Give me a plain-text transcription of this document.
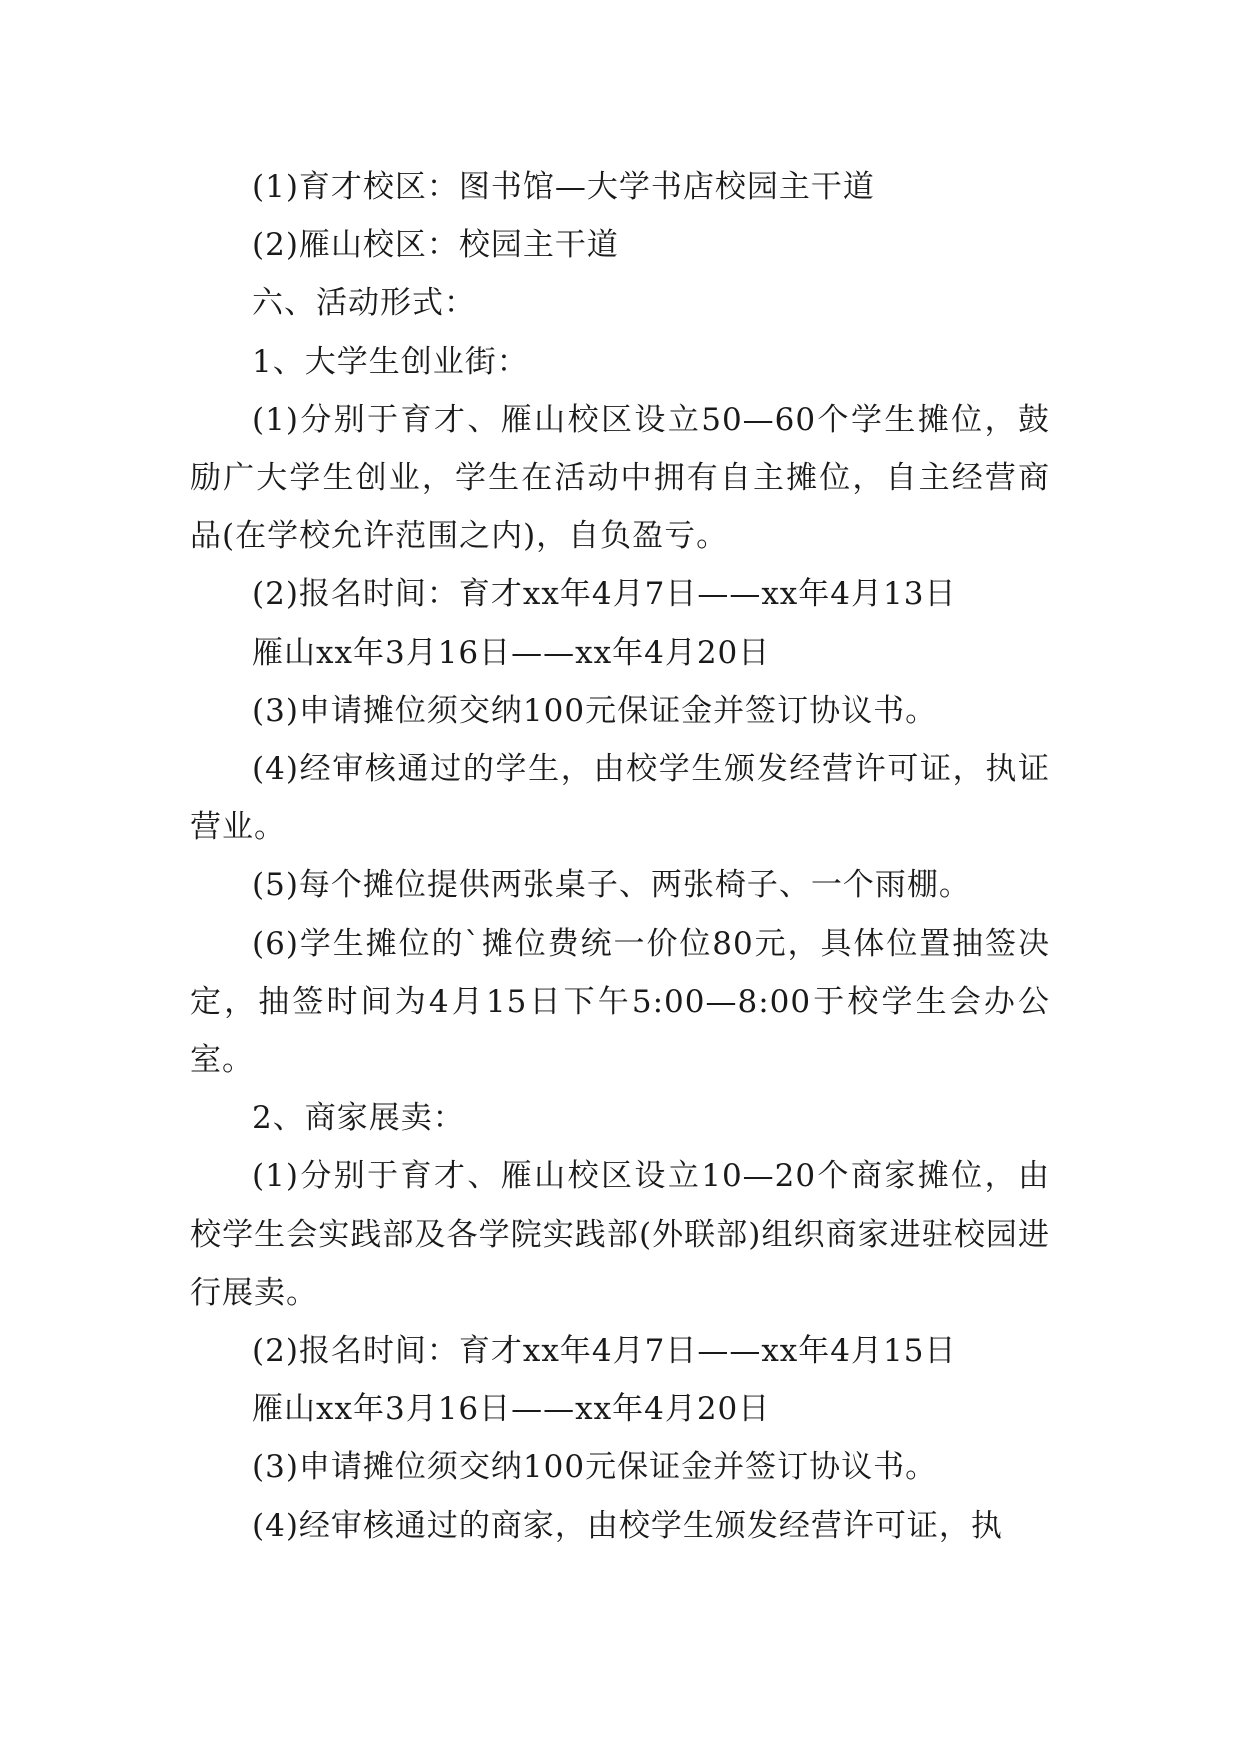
(1)育才校区：图书馆—大学书店校园主干道

(2)雁山校区：校园主干道

六、活动形式：

1、大学生创业街：

(1)分别于育才、雁山校区设立50—60个学生摊位，鼓励广大学生创业，学生在活动中拥有自主摊位，自主经营商品(在学校允许范围之内)，自负盈亏。

(2)报名时间：育才xx年4月7日——xx年4月13日

雁山xx年3月16日——xx年4月20日

(3)申请摊位须交纳100元保证金并签订协议书。

(4)经审核通过的学生，由校学生颁发经营许可证，执证营业。

(5)每个摊位提供两张桌子、两张椅子、一个雨棚。

(6)学生摊位的`摊位费统一价位80元，具体位置抽签决定，抽签时间为4月15日下午5:00—8:00于校学生会办公室。

2、商家展卖：

(1)分别于育才、雁山校区设立10—20个商家摊位，由校学生会实践部及各学院实践部(外联部)组织商家进驻校园进行展卖。

(2)报名时间：育才xx年4月7日——xx年4月15日

雁山xx年3月16日——xx年4月20日

(3)申请摊位须交纳100元保证金并签订协议书。

(4)经审核通过的商家，由校学生颁发经营许可证，执
